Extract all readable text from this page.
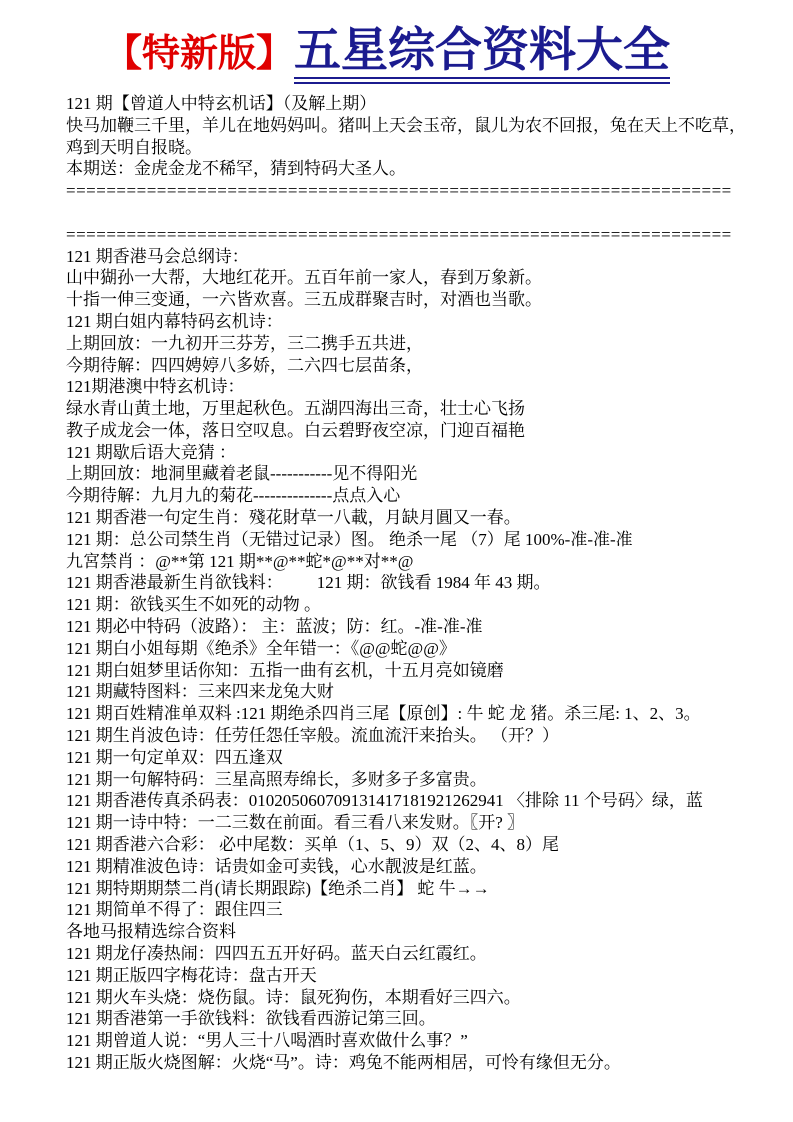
【特新版】 五星综合资料大全
121 期【曾道人中特玄机话】（及解上期）
快马加鞭三千里，羊儿在地妈妈叫。猪叫上天会玉帝，鼠儿为农不回报，兔在天上不吃草，
鸡到天明自报晓。
本期送：金虎金龙不稀罕，猜到特码大圣人。
==================================================================
==================================================================
121 期香港马会总纲诗：
山中猢孙一大帮，大地红花开。五百年前一家人，春到万象新。
十指一伸三变通，一六皆欢喜。三五成群聚吉时，对酒也当歌。
121 期白姐内幕特码玄机诗：
上期回放：一九初开三芬芳，三二携手五共进，
今期待解：四四娉婷八多娇，二六四七层苗条，
121期港澳中特玄机诗：
绿水青山黄土地，万里起秋色。五湖四海出三奇，壮士心飞扬
教子成龙会一体，落日空叹息。白云碧野夜空凉，门迎百福艳
121 期歇后语大竞猜 ：
上期回放：地洞里藏着老鼠-----------见不得阳光
今期待解：九月九的菊花--------------点点入心
121 期香港一句定生肖：殘花財草一八載，月缺月圓又一春。
121 期：总公司禁生肖（无错过记录）图。 绝杀一尾 （7）尾 100%-准-准-准
九宮禁肖 ：@**第 121 期**@**蛇*@**对**@
121 期香港最新生肖欲钱料：        121 期：欲钱看 1984 年 43 期。
121 期：欲钱买生不如死的动物 。
121 期必中特码（波路）： 主：蓝波；防：红。-准-准-准
121 期白小姐每期《绝杀》全年错一：《@@蛇@@》
121 期白姐梦里话你知：五指一曲有玄机，十五月亮如镜磨
121 期藏特图料：三来四来龙兔大财
121 期百姓精准单双料 :121 期绝杀四肖三尾【原创】: 牛 蛇 龙 猪。杀三尾: 1、2、3。
121 期生肖波色诗：任劳任怨任宰般。流血流汗来抬头。 （开？）
121 期一句定单双：四五逢双
121 期一句解特码：三星高照寿绵长，多财多子多富贵。
121 期香港传真杀码表：010205060709131417181921262941 〈排除 11 个号码〉绿，蓝
121 期一诗中特：一二三数在前面。看三看八来发财。〖开? 〗
121 期香港六合彩： 必中尾数：买单（1、5、9）双（2、4、8）尾
121 期精准波色诗：话贵如金可卖钱，心水靓波是红蓝。
121 期特期期禁二肖(请长期跟踪)【绝杀二肖】 蛇 牛→→
121 期简单不得了：跟住四三
各地马报精选综合资料
121 期龙仔凑热闹：四四五五开好码。蓝天白云红霞红。
121 期正版四字梅花诗：盘古开天
121 期火车头烧：烧伤鼠。诗：鼠死狗伤，本期看好三四六。
121 期香港第一手欲钱料：欲钱看西游记第三回。
121 期曾道人说：“男人三十八喝酒时喜欢做什么事？”
121 期正版火烧图解：火烧“马”。诗：鸡兔不能两相居，可怜有缘但无分。
